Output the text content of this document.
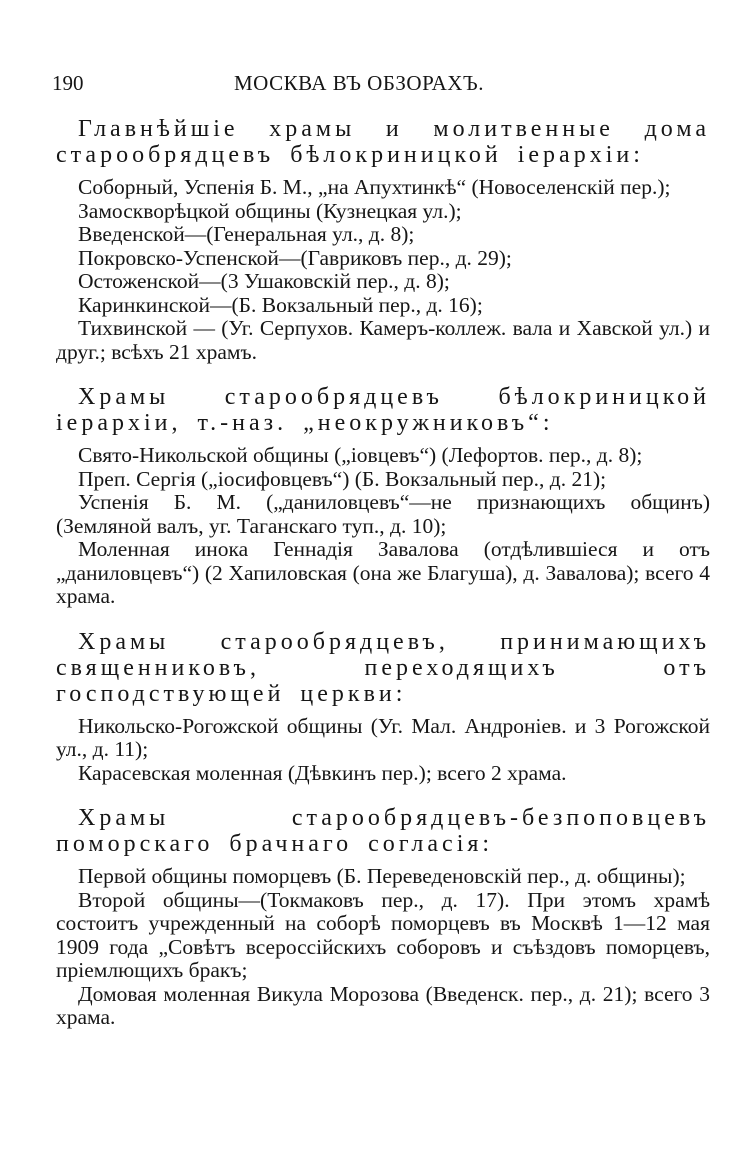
190	МОСКВА ВЪ ОБЗОРАХЪ.

Главнѣйшiе храмы и молитвенные дома старообрядцевъ бѣлокриницкой iерархiи:

Соборный, Успенiя Б. М., „на Апухтинкѣ“ (Новоселенскiй пер.);

Замоскворѣцкой общины (Кузнецкая ул.);

Введенской—(Генеральная ул., д. 8);

Покровско-Успенской—(Гавриковъ пер., д. 29);

Остоженской—(3 Ушаковскiй пер., д. 8);

Каринкинской—(Б. Вокзальный пер., д. 16);

Тихвинской — (Уг. Серпухов. Камеръ-коллеж. вала и Хавской ул.) и друг.; всѣхъ 21 храмъ.

Храмы старообрядцевъ бѣлокриницкой iерархiи, т.-наз. „неокружниковъ“:

Свято-Никольской общины („iовцевъ“) (Лефортов. пер., д. 8);

Преп. Сергiя („iосифовцевъ“) (Б. Вокзальный пер., д. 21);

Успенiя Б. М. („даниловцевъ“—не признающихъ общинъ) (Земляной валъ, уг. Таганскаго туп., д. 10);

Моленная инока Геннадiя Завалова (отдѣлившiеся и отъ „даниловцевъ“) (2 Хапиловская (она же Благуша), д. Завалова); всего 4 храма.

Храмы старообрядцевъ, принимающихъ священниковъ, переходящихъ отъ господствующей церкви:

Никольско-Рогожской общины (Уг. Мал. Андронiев. и 3 Рогожской ул., д. 11);

Карасевская моленная (Дѣвкинъ пер.); всего 2 храма.

Храмы старообрядцевъ-безпоповцевъ поморскаго брачнаго согласiя:

Первой общины поморцевъ (Б. Переведеновскiй пер., д. общины);

Второй общины—(Токмаковъ пер., д. 17). При этомъ храмѣ состоитъ учрежденный на соборѣ поморцевъ въ Москвѣ 1—12 мая 1909 года „Совѣтъ всероссiйскихъ соборовъ и съѣздовъ поморцевъ, прiемлющихъ бракъ;

Домовая моленная Викула Морозова (Введенск. пер., д. 21); всего 3 храма.
